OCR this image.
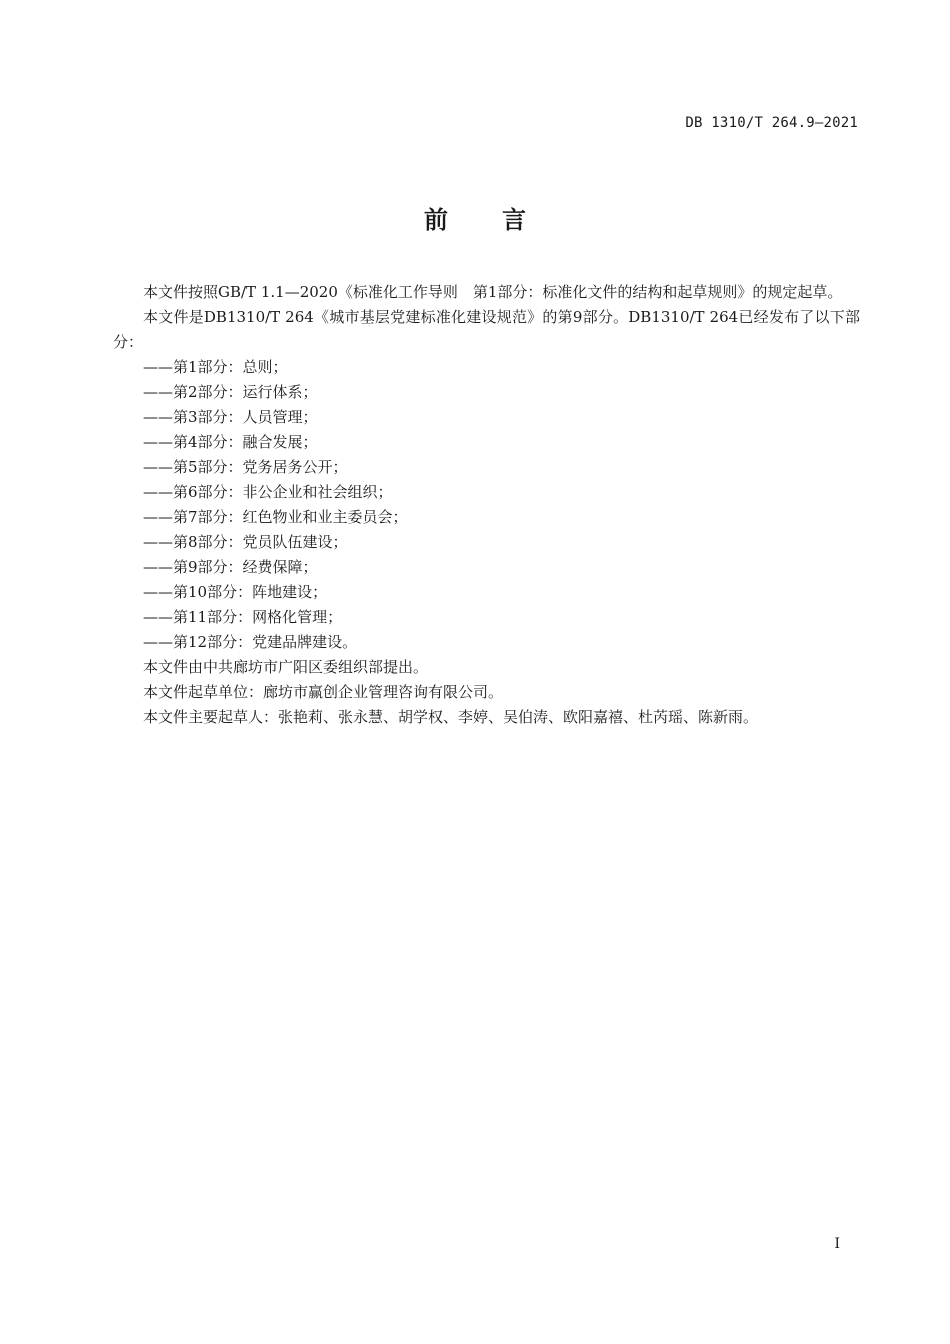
DB 1310/T 264.9—2021
前言

本文件按照GB/T 1.1—2020《标准化工作导则　第1部分：标准化文件的结构和起草规则》的规定起草。

本文件是DB1310/T 264《城市基层党建标准化建设规范》的第9部分。DB1310/T 264已经发布了以下部分：

——第1部分：总则；
——第2部分：运行体系；
——第3部分：人员管理；
——第4部分：融合发展；
——第5部分：党务居务公开；
——第6部分：非公企业和社会组织；
——第7部分：红色物业和业主委员会；
——第8部分：党员队伍建设；
——第9部分：经费保障；
——第10部分：阵地建设；
——第11部分：网格化管理；
——第12部分：党建品牌建设。

本文件由中共廊坊市广阳区委组织部提出。

本文件起草单位：廊坊市赢创企业管理咨询有限公司。

本文件主要起草人：张艳莉、张永慧、胡学权、李婷、吴伯涛、欧阳嘉禧、杜芮瑶、陈新雨。

I
